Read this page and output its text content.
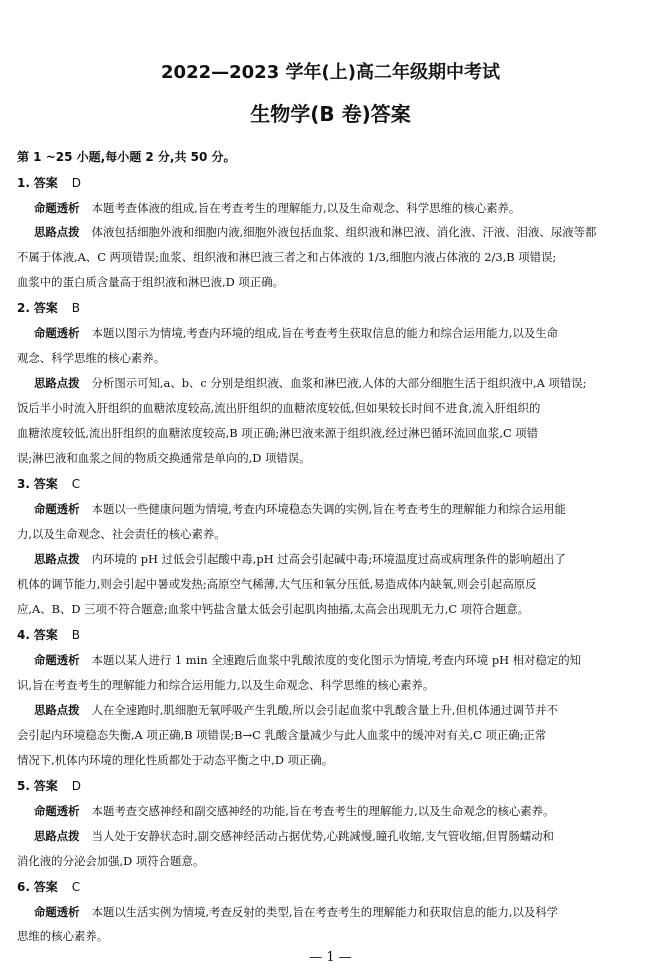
2022—2023 学年(上)高二年级期中考试
生物学(B 卷)答案
第 1 ~25 小题,每小题 2 分,共 50 分。
1. 答案 D
命题透析 本题考查体液的组成,旨在考查考生的理解能力,以及生命观念、科学思维的核心素养。
思路点拨 体液包括细胞外液和细胞内液,细胞外液包括血浆、组织液和淋巴液、消化液、汗液、泪液、尿液等都
不属于体液,A、C 两项错误;血浆、组织液和淋巴液三者之和占体液的 1/3,细胞内液占体液的 2/3,B 项错误;
血浆中的蛋白质含量高于组织液和淋巴液,D 项正确。
2. 答案 B
命题透析 本题以图示为情境,考查内环境的组成,旨在考查考生获取信息的能力和综合运用能力,以及生命
观念、科学思维的核心素养。
思路点拨 分析图示可知,a、b、c 分别是组织液、血浆和淋巴液,人体的大部分细胞生活于组织液中,A 项错误;
饭后半小时流入肝组织的血糖浓度较高,流出肝组织的血糖浓度较低,但如果较长时间不进食,流入肝组织的
血糖浓度较低,流出肝组织的血糖浓度较高,B 项正确;淋巴液来源于组织液,经过淋巴循环流回血浆,C 项错
误;淋巴液和血浆之间的物质交换通常是单向的,D 项错误。
3. 答案 C
命题透析 本题以一些健康问题为情境,考查内环境稳态失调的实例,旨在考查考生的理解能力和综合运用能
力,以及生命观念、社会责任的核心素养。
思路点拨 内环境的 pH 过低会引起酸中毒,pH 过高会引起碱中毒;环境温度过高或病理条件的影响超出了
机体的调节能力,则会引起中暑或发热;高原空气稀薄,大气压和氧分压低,易造成体内缺氧,则会引起高原反
应,A、B、D 三项不符合题意;血浆中钙盐含量太低会引起肌肉抽搐,太高会出现肌无力,C 项符合题意。
4. 答案 B
命题透析 本题以某人进行 1 min 全速跑后血浆中乳酸浓度的变化图示为情境,考查内环境 pH 相对稳定的知
识,旨在考查考生的理解能力和综合运用能力,以及生命观念、科学思维的核心素养。
思路点拨 人在全速跑时,肌细胞无氧呼吸产生乳酸,所以会引起血浆中乳酸含量上升,但机体通过调节并不
会引起内环境稳态失衡,A 项正确,B 项错误;B→C 乳酸含量减少与此人血浆中的缓冲对有关,C 项正确;正常
情况下,机体内环境的理化性质都处于动态平衡之中,D 项正确。
5. 答案 D
命题透析 本题考查交感神经和副交感神经的功能,旨在考查考生的理解能力,以及生命观念的核心素养。
思路点拨 当人处于安静状态时,副交感神经活动占据优势,心跳减慢,瞳孔收缩,支气管收缩,但胃肠蠕动和
消化液的分泌会加强,D 项符合题意。
6. 答案 C
命题透析 本题以生活实例为情境,考查反射的类型,旨在考查考生的理解能力和获取信息的能力,以及科学
思维的核心素养。
— 1 —
